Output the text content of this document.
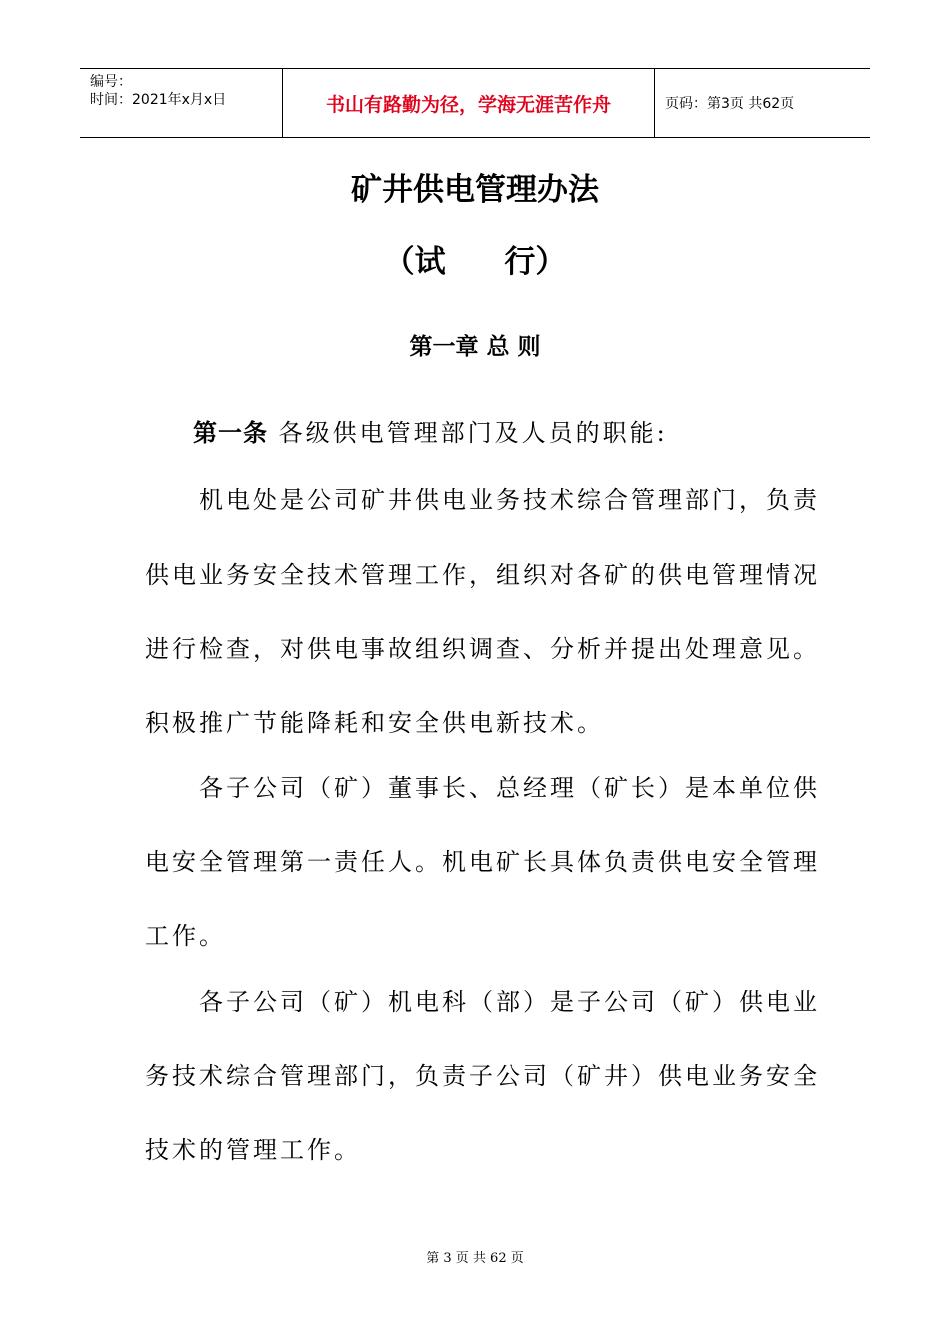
编号：
时间：2021年x月x日	书山有路勤为径，学海无涯苦作舟	页码：第3页 共62页
矿井供电管理办法
（试 行）
第一章 总 则
第一条 各级供电管理部门及人员的职能:
　　机电处是公司矿井供电业务技术综合管理部门，负责
供电业务安全技术管理工作，组织对各矿的供电管理情况
进行检查，对供电事故组织调查、分析并提出处理意见。
积极推广节能降耗和安全供电新技术。
　　各子公司（矿）董事长、总经理（矿长）是本单位供
电安全管理第一责任人。机电矿长具体负责供电安全管理
工作。
　　各子公司（矿）机电科（部）是子公司（矿）供电业
务技术综合管理部门，负责子公司（矿井）供电业务安全
技术的管理工作。
第 3 页 共 62 页
